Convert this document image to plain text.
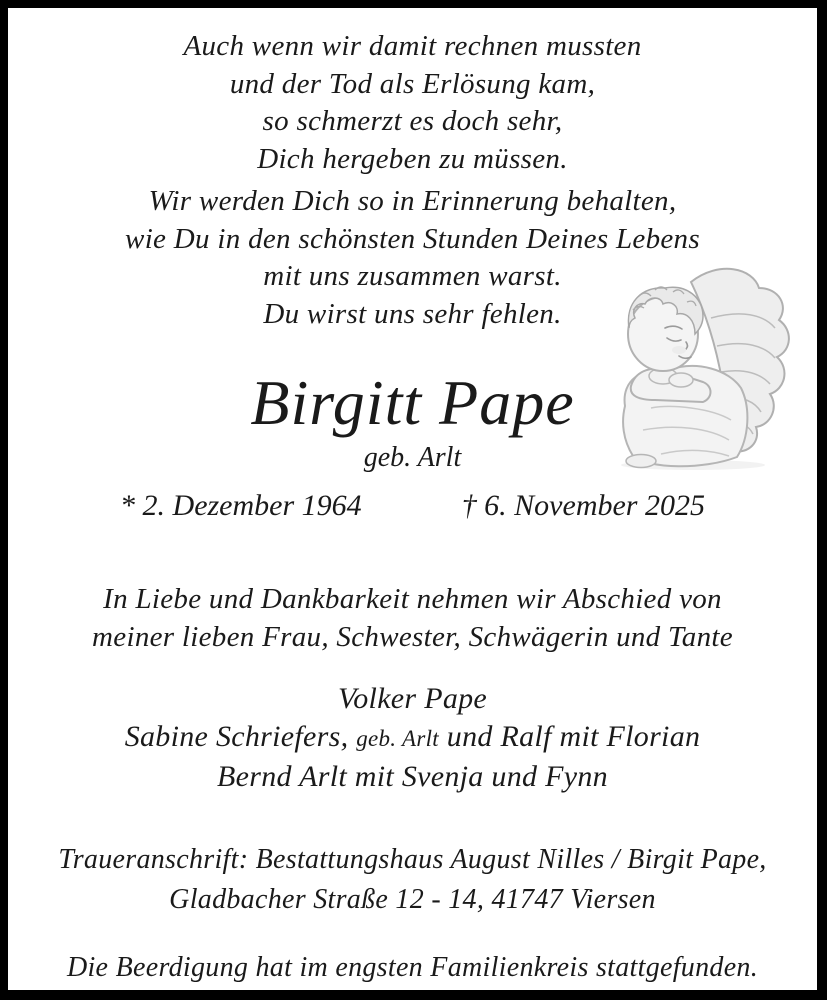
Auch wenn wir damit rechnen mussten
und der Tod als Erlösung kam,
so schmerzt es doch sehr,
Dich hergeben zu müssen.
Wir werden Dich so in Erinnerung behalten,
wie Du in den schönsten Stunden Deines Lebens
mit uns zusammen warst.
Du wirst uns sehr fehlen.
Birgitt Pape
geb. Arlt
* 2. Dezember 1964	† 6. November 2025
In Liebe und Dankbarkeit nehmen wir Abschied von
meiner lieben Frau, Schwester, Schwägerin und Tante
Volker Pape
Sabine Schriefers, geb. Arlt und Ralf mit Florian
Bernd Arlt mit Svenja und Fynn
Traueranschrift: Bestattungshaus August Nilles / Birgit Pape,
Gladbacher Straße 12 - 14, 41747 Viersen
Die Beerdigung hat im engsten Familienkreis stattgefunden.
